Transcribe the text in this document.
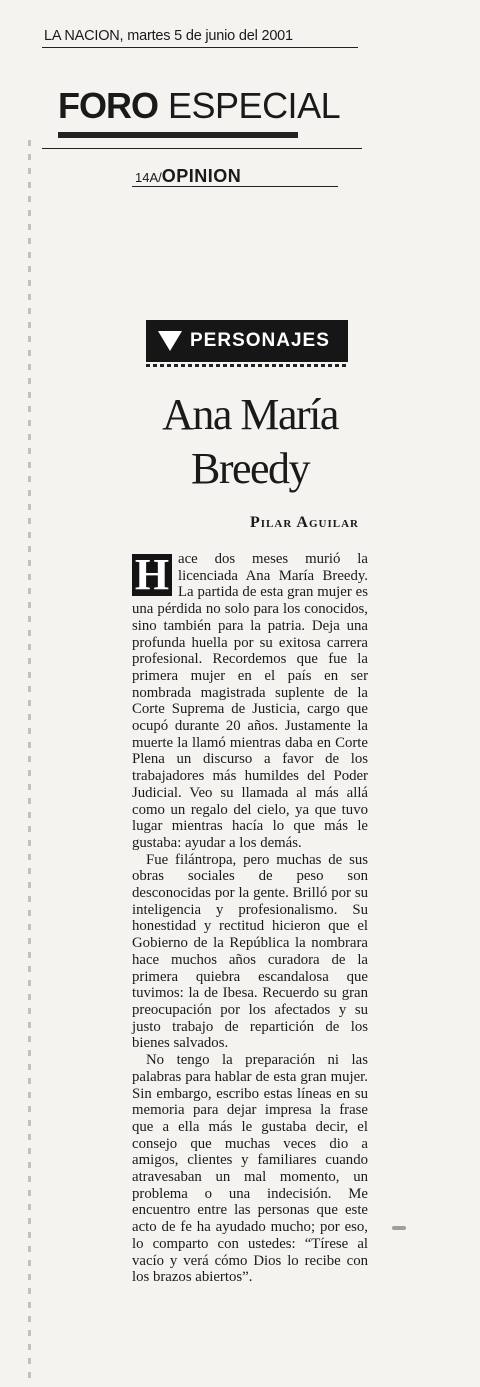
LA NACION, martes 5 de junio del 2001
FORO ESPECIAL
14A/OPINION
PERSONAJES
Ana María
Breedy
Pilar Aguilar

H ace dos meses murió la licenciada Ana María Breedy. La partida de esta gran mujer es una pérdida no solo para los conocidos, sino también para la patria. Deja una profunda huella por su exitosa carrera profesional. Recordemos que fue la primera mujer en el país en ser nombrada magistrada suplente de la Corte Suprema de Justicia, cargo que ocupó durante 20 años. Justamente la muerte la llamó mientras daba en Corte Plena un discurso a favor de los trabajadores más humildes del Poder Judicial. Veo su llamada al más allá como un regalo del cielo, ya que tuvo lugar mientras hacía lo que más le gustaba: ayudar a los demás.

Fue filántropa, pero muchas de sus obras sociales de peso son desconocidas por la gente. Brilló por su inteligencia y profesionalismo. Su honestidad y rectitud hicieron que el Gobierno de la República la nombrara hace muchos años curadora de la primera quiebra escandalosa que tuvimos: la de Ibesa. Recuerdo su gran preocupación por los afectados y su justo trabajo de repartición de los bienes salvados.

No tengo la preparación ni las palabras para hablar de esta gran mujer. Sin embargo, escribo estas líneas en su memoria para dejar impresa la frase que a ella más le gustaba decir, el consejo que muchas veces dio a amigos, clientes y familiares cuando atravesaban un mal momento, un problema o una indecisión. Me encuentro entre las personas que este acto de fe ha ayudado mucho; por eso, lo comparto con ustedes: “Tírese al vacío y verá cómo Dios lo recibe con los brazos abiertos”.
